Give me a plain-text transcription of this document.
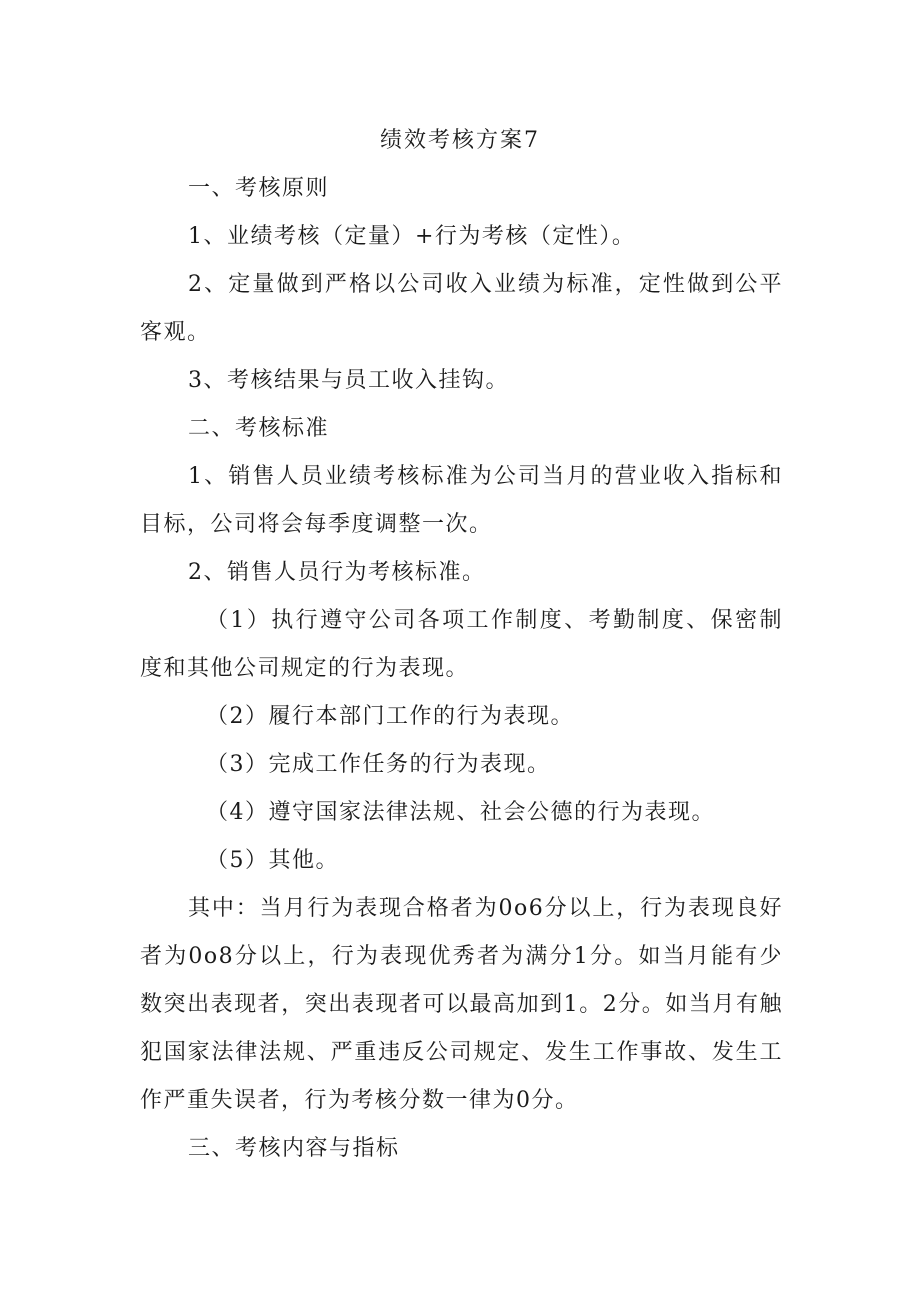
绩效考核方案7

一、考核原则

1、业绩考核（定量）+行为考核（定性）。

2、定量做到严格以公司收入业绩为标准，定性做到公平客观。

3、考核结果与员工收入挂钩。

二、考核标准

1、销售人员业绩考核标准为公司当月的营业收入指标和目标，公司将会每季度调整一次。

2、销售人员行为考核标准。

（1）执行遵守公司各项工作制度、考勤制度、保密制度和其他公司规定的行为表现。

（2）履行本部门工作的行为表现。

（3）完成工作任务的行为表现。

（4）遵守国家法律法规、社会公德的行为表现。

（5）其他。

其中：当月行为表现合格者为0o6分以上，行为表现良好者为0o8分以上，行为表现优秀者为满分1分。如当月能有少数突出表现者，突出表现者可以最高加到1。2分。如当月有触犯国家法律法规、严重违反公司规定、发生工作事故、发生工作严重失误者，行为考核分数一律为0分。

三、考核内容与指标
